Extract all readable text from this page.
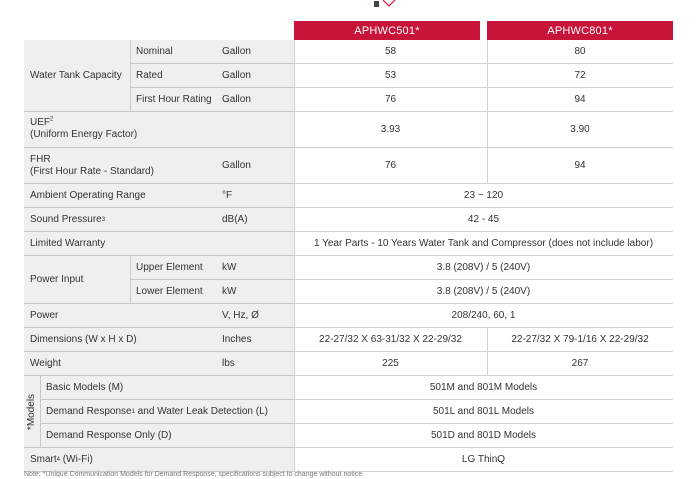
APHWC501*	APHWC801*
Water Tank Capacity
Nominal	Gallon	58	80
Rated	Gallon	53	72
First Hour Rating	Gallon	76	94
UEF$^2$
(Uniform Energy Factor)	3.93	3.90
FHR
(First Hour Rate - Standard)
Gallon	76	94
Ambient Operating Range	°F	23 ~ 120
Sound Pressure 3	dB(A)	42 - 45
Limited Warranty	1 Year Parts - 10 Years Water Tank and Compressor (does not include labor)
Power Input
Upper Element	kW	3.8 (208V) / 5 (240V)
Lower Element	kW	3.8 (208V) / 5 (240V)
Power	V, Hz, Ø	208/240, 60, 1
Dimensions (W x H x D)	Inches	22-27/32 X 63-31/32 X 22-29/32	22-27/32 X 79-1/16 X 22-29/32
Weight	lbs	225	267
*Models
Basic Models (M)	501M and 801M Models
Demand Response 1 and Water Leak Detection (L)	501L and 801L Models
Demand Response Only (D)	501D and 801D Models
Smart 4 (Wi-Fi)	LG ThinQ
Note: *Unique Communication Models for Demand Response, specifications subject to change without notice
